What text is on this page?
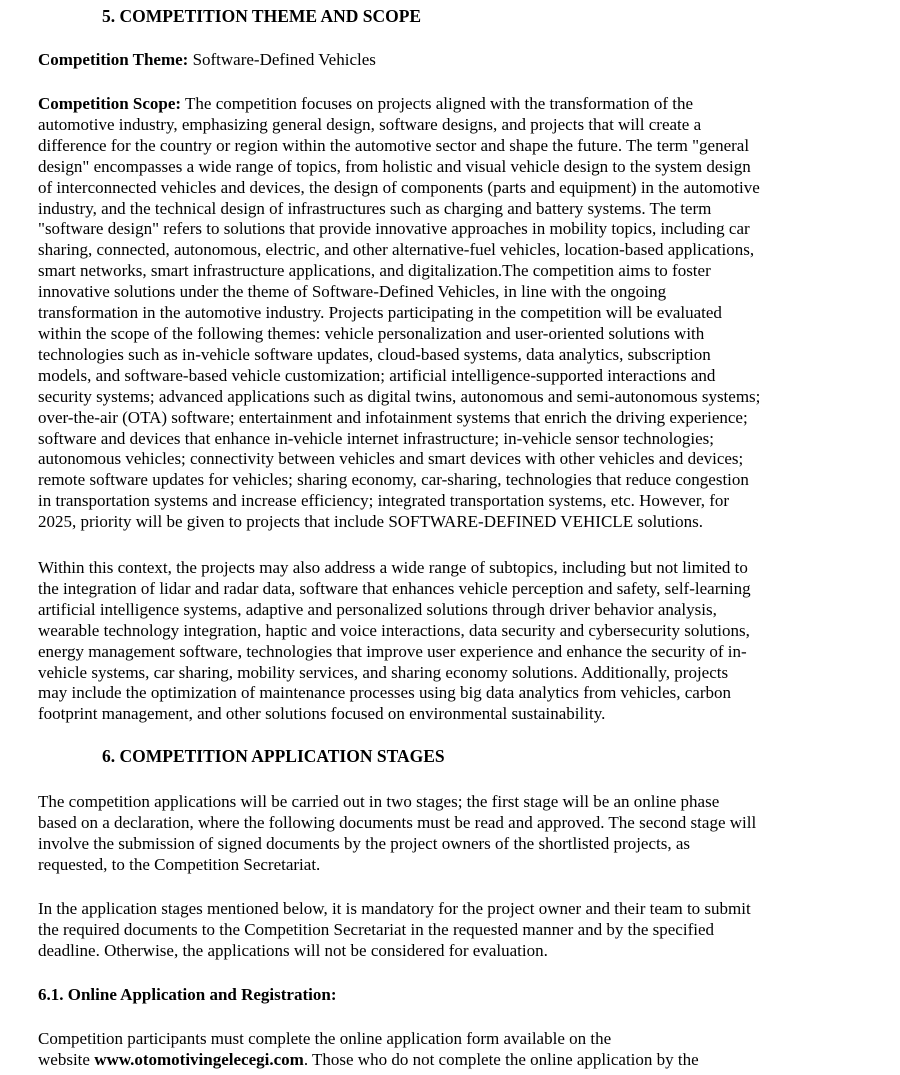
5. COMPETITION THEME AND SCOPE

Competition Theme: Software-Defined Vehicles

Competition Scope: The competition focuses on projects aligned with the transformation of the
automotive industry, emphasizing general design, software designs, and projects that will create a
difference for the country or region within the automotive sector and shape the future. The term "general
design" encompasses a wide range of topics, from holistic and visual vehicle design to the system design
of interconnected vehicles and devices, the design of components (parts and equipment) in the automotive
industry, and the technical design of infrastructures such as charging and battery systems. The term
"software design" refers to solutions that provide innovative approaches in mobility topics, including car
sharing, connected, autonomous, electric, and other alternative-fuel vehicles, location-based applications,
smart networks, smart infrastructure applications, and digitalization.The competition aims to foster
innovative solutions under the theme of Software-Defined Vehicles, in line with the ongoing
transformation in the automotive industry. Projects participating in the competition will be evaluated
within the scope of the following themes: vehicle personalization and user-oriented solutions with
technologies such as in-vehicle software updates, cloud-based systems, data analytics, subscription
models, and software-based vehicle customization; artificial intelligence-supported interactions and
security systems; advanced applications such as digital twins, autonomous and semi-autonomous systems;
over-the-air (OTA) software; entertainment and infotainment systems that enrich the driving experience;
software and devices that enhance in-vehicle internet infrastructure; in-vehicle sensor technologies;
autonomous vehicles; connectivity between vehicles and smart devices with other vehicles and devices;
remote software updates for vehicles; sharing economy, car-sharing, technologies that reduce congestion
in transportation systems and increase efficiency; integrated transportation systems, etc. However, for
2025, priority will be given to projects that include SOFTWARE-DEFINED VEHICLE solutions.
Within this context, the projects may also address a wide range of subtopics, including but not limited to
the integration of lidar and radar data, software that enhances vehicle perception and safety, self-learning
artificial intelligence systems, adaptive and personalized solutions through driver behavior analysis,
wearable technology integration, haptic and voice interactions, data security and cybersecurity solutions,
energy management software, technologies that improve user experience and enhance the security of in-
vehicle systems, car sharing, mobility services, and sharing economy solutions. Additionally, projects
may include the optimization of maintenance processes using big data analytics from vehicles, carbon
footprint management, and other solutions focused on environmental sustainability.
6. COMPETITION APPLICATION STAGES
The competition applications will be carried out in two stages; the first stage will be an online phase
based on a declaration, where the following documents must be read and approved. The second stage will
involve the submission of signed documents by the project owners of the shortlisted projects, as
requested, to the Competition Secretariat.
In the application stages mentioned below, it is mandatory for the project owner and their team to submit
the required documents to the Competition Secretariat in the requested manner and by the specified
deadline. Otherwise, the applications will not be considered for evaluation.
6.1. Online Application and Registration:
Competition participants must complete the online application form available on the
website www.otomotivingelecegi.com. Those who do not complete the online application by the
